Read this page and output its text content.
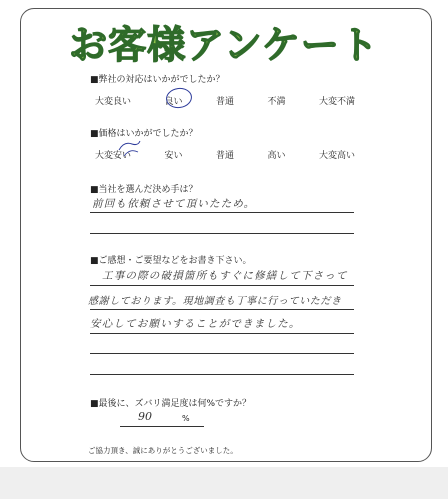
お客様アンケート
■弊社の対応はいかがでしたか？
大変良い	良い	普通	不満	大変不満
■価格はいかがでしたか？
大変安い	安い	普通	高い	大変高い
■当社を選んだ決め手は？
前回も依頼させて頂いたため。
■ご感想・ご要望などをお書き下さい。
工事の際の破損箇所もすぐに修繕して下さって
感謝しております。現地調査も丁寧に行っていただき
安心してお願いすることができました。
■最後に、ズバリ満足度は何%ですか？
90	%
ご協力頂き、誠にありがとうございました。
